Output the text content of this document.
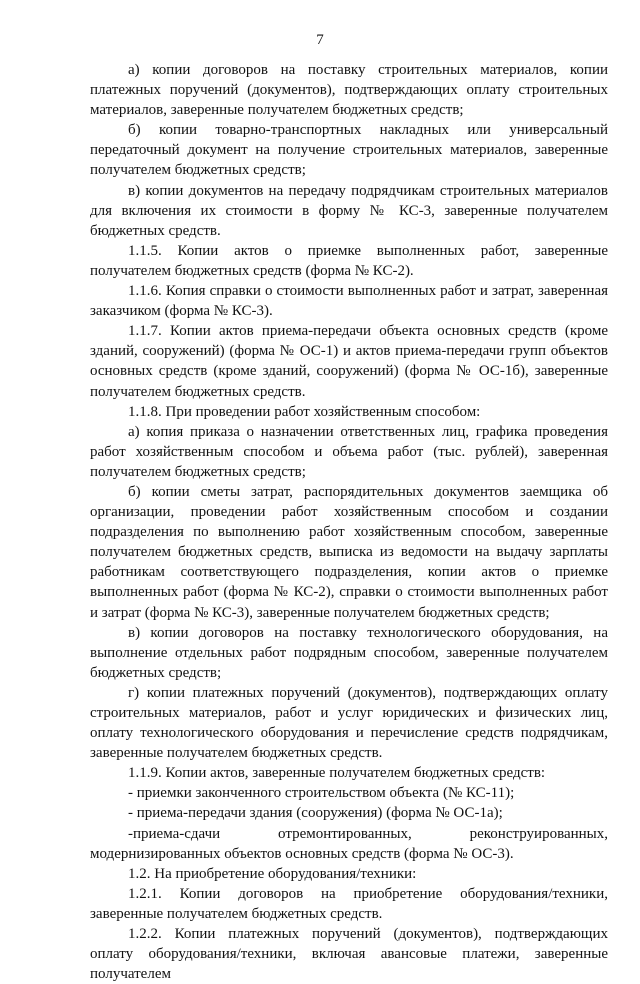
7

а) копии договоров на поставку строительных материалов, копии платежных поручений (документов), подтверждающих оплату строительных материалов, заверенные получателем бюджетных средств;

б) копии товарно-транспортных накладных или универсальный передаточный документ на получение строительных материалов, заверенные получателем бюджетных средств;

в) копии документов на передачу подрядчикам строительных материалов для включения их стоимости в форму № КС-3, заверенные получателем бюджетных средств.

1.1.5. Копии актов о приемке выполненных работ, заверенные получателем бюджетных средств (форма № КС-2).

1.1.6. Копия справки о стоимости выполненных работ и затрат, заверенная заказчиком (форма № КС-3).

1.1.7. Копии актов приема-передачи объекта основных средств (кроме зданий, сооружений) (форма № ОС-1) и актов приема-передачи групп объектов основных средств (кроме зданий, сооружений) (форма № ОС-1б), заверенные получателем бюджетных средств.

1.1.8. При проведении работ хозяйственным способом:

а) копия приказа о назначении ответственных лиц, графика проведения работ хозяйственным способом и объема работ (тыс. рублей), заверенная получателем бюджетных средств;

б) копии сметы затрат, распорядительных документов заемщика об организации, проведении работ хозяйственным способом и создании подразделения по выполнению работ хозяйственным способом, заверенные получателем бюджетных средств, выписка из ведомости на выдачу зарплаты работникам соответствующего подразделения, копии актов о приемке выполненных работ (форма № КС-2), справки о стоимости выполненных работ и затрат (форма № КС-3), заверенные получателем бюджетных средств;

в) копии договоров на поставку технологического оборудования, на выполнение отдельных работ подрядным способом, заверенные получателем бюджетных средств;

г) копии платежных поручений (документов), подтверждающих оплату строительных материалов, работ и услуг юридических и физических лиц, оплату технологического оборудования и перечисление средств подрядчикам, заверенные получателем бюджетных средств.

1.1.9. Копии актов, заверенные получателем бюджетных средств:

- приемки законченного строительством объекта (№ КС-11);

- приема-передачи здания (сооружения) (форма № ОС-1а);

-приема-сдачи отремонтированных, реконструированных, модернизированных объектов основных средств (форма № ОС-3).

1.2. На приобретение оборудования/техники:

1.2.1. Копии договоров на приобретение оборудования/техники, заверенные получателем бюджетных средств.

1.2.2. Копии платежных поручений (документов), подтверждающих оплату оборудования/техники, включая авансовые платежи, заверенные получателем
